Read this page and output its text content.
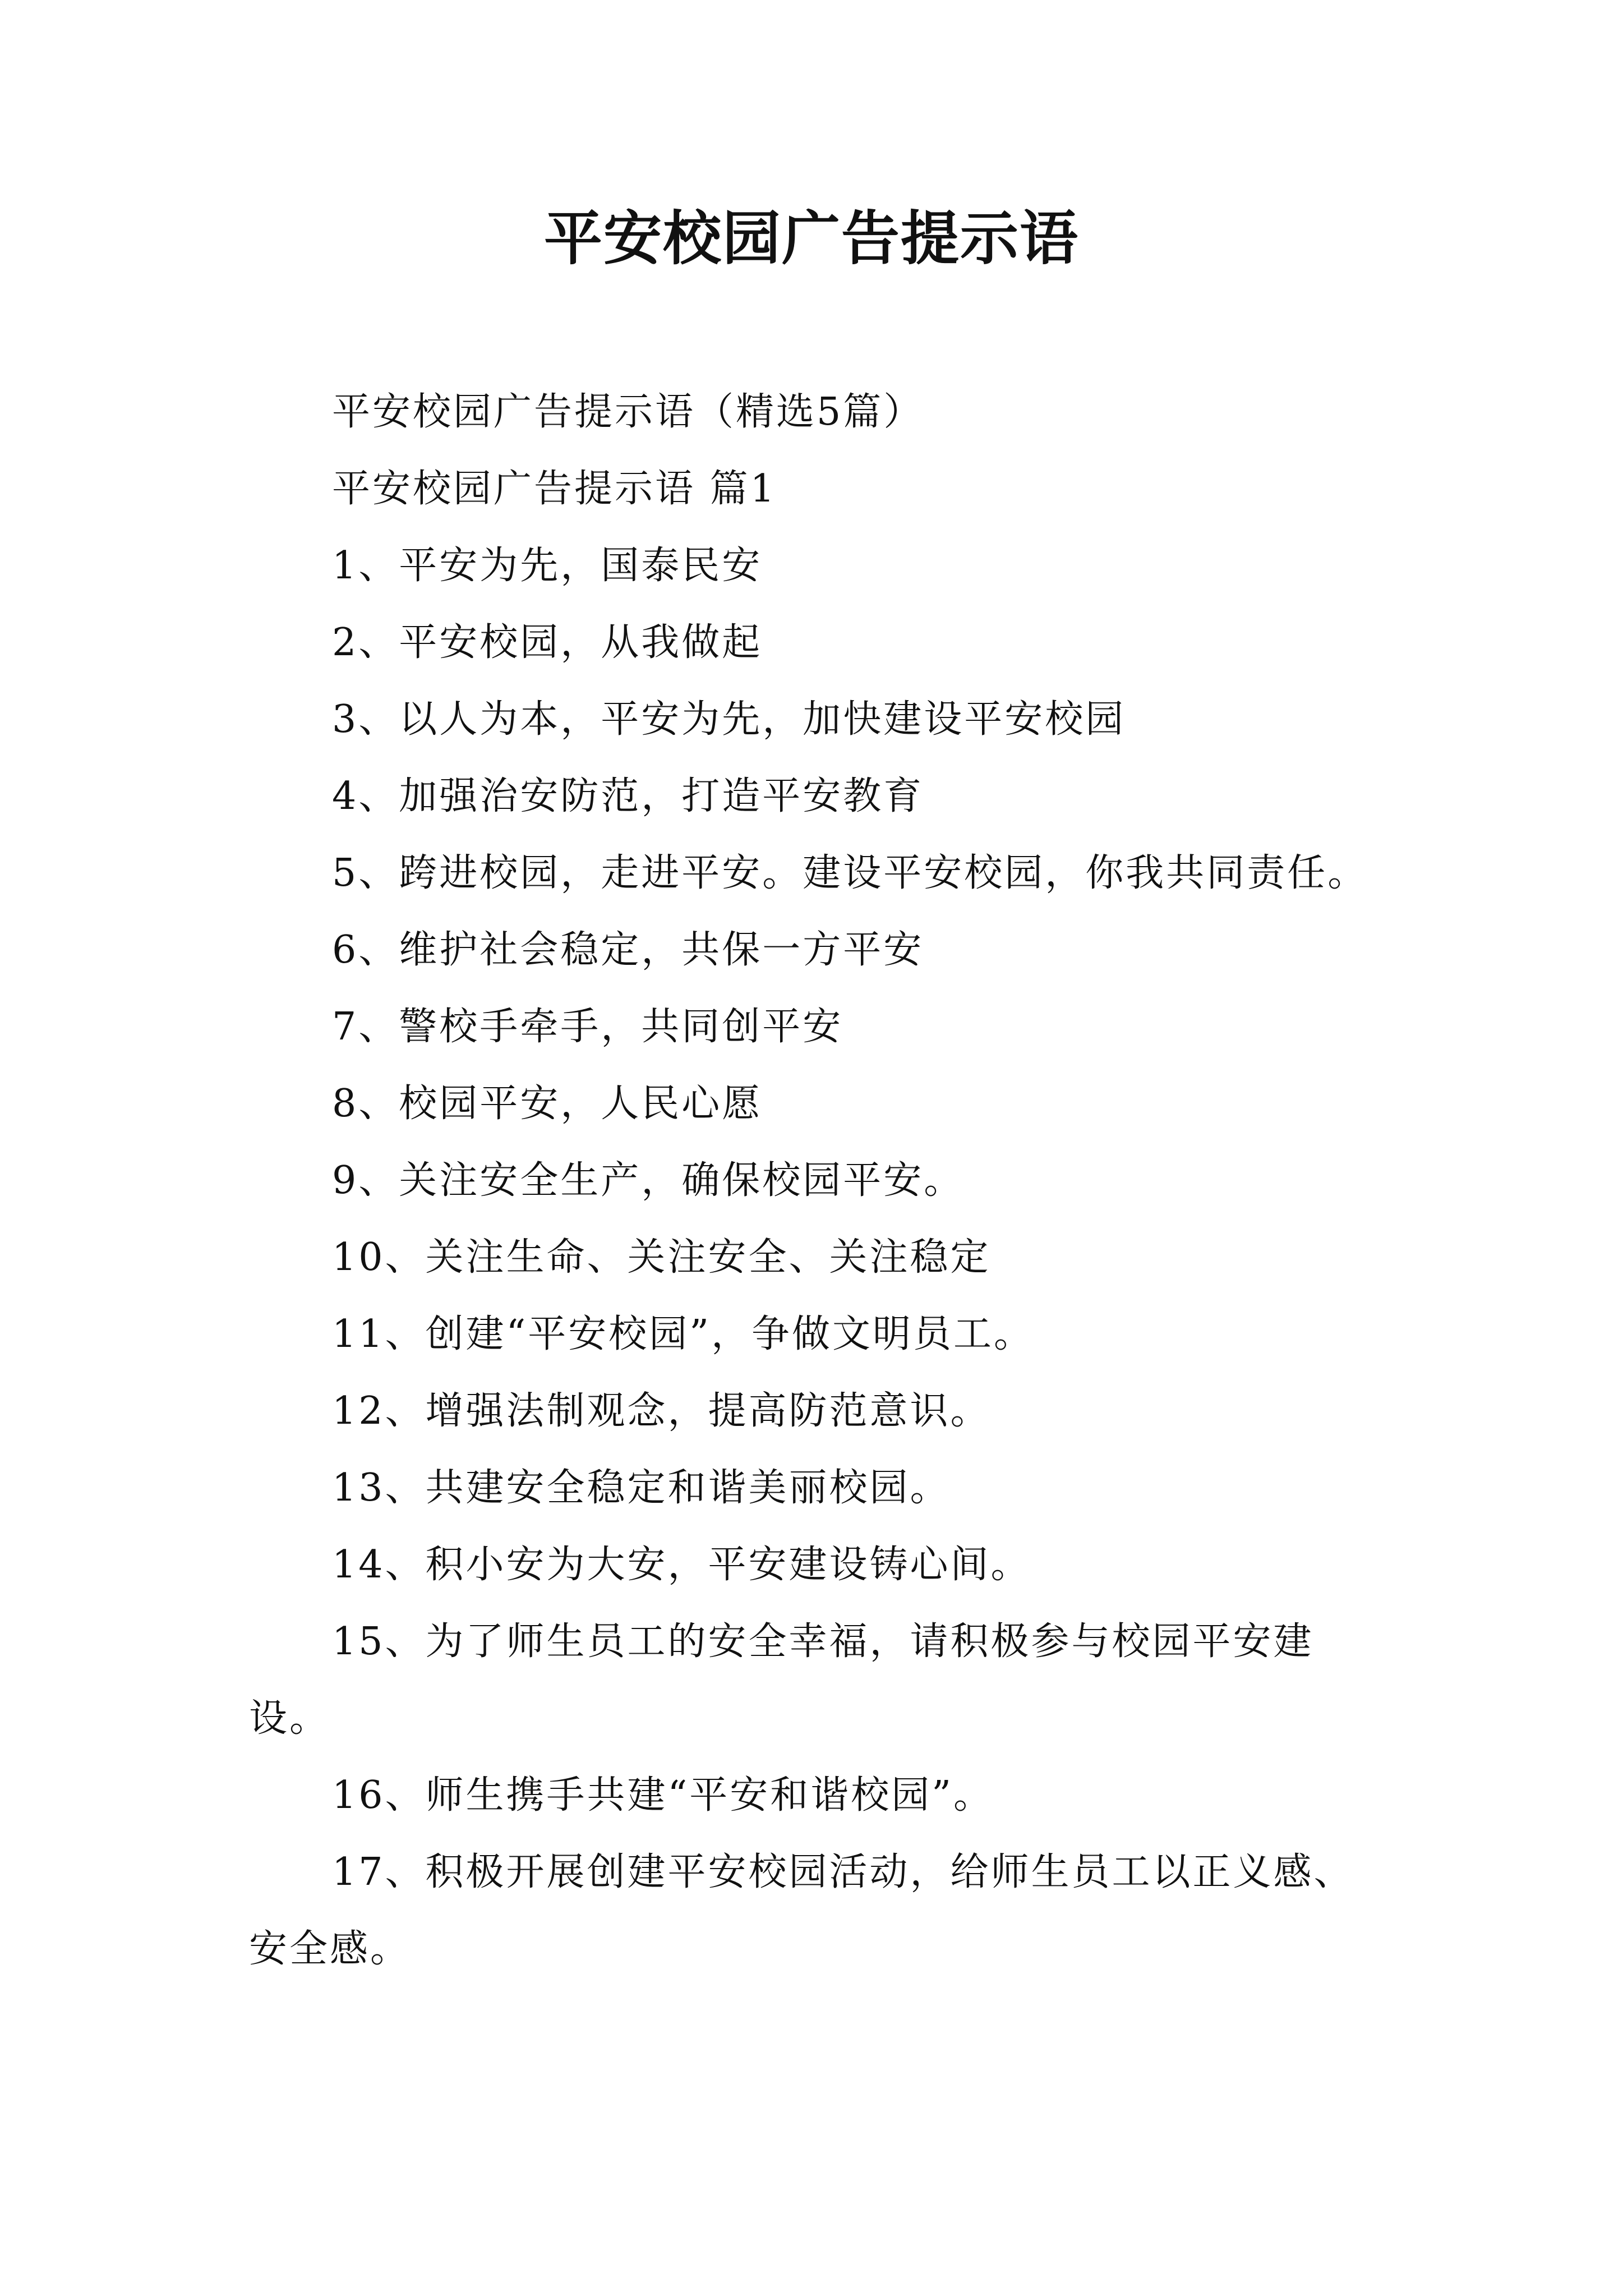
平安校园广告提示语

平安校园广告提示语（精选5篇）

平安校园广告提示语 篇1

1、平安为先，国泰民安

2、平安校园，从我做起

3、以人为本，平安为先，加快建设平安校园

4、加强治安防范，打造平安教育

5、跨进校园，走进平安。建设平安校园，你我共同责任。

6、维护社会稳定，共保一方平安

7、警校手牵手，共同创平安

8、校园平安，人民心愿

9、关注安全生产，确保校园平安。

10、关注生命、关注安全、关注稳定

11、创建“平安校园”，争做文明员工。

12、增强法制观念，提高防范意识。

13、共建安全稳定和谐美丽校园。

14、积小安为大安，平安建设铸心间。

15、为了师生员工的安全幸福，请积极参与校园平安建设。

16、师生携手共建“平安和谐校园”。

17、积极开展创建平安校园活动，给师生员工以正义感、安全感。
